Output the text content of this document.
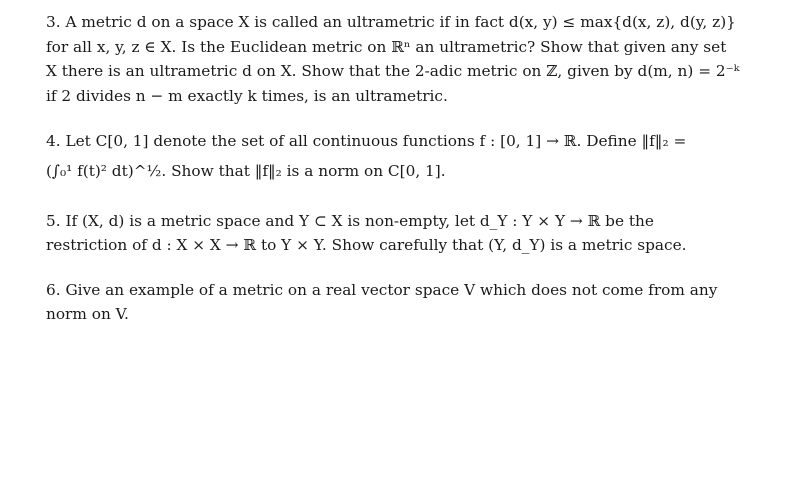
3. A metric d on a space X is called an ultrametric if in fact d(x, y) ≤ max{d(x, z), d(y, z)}
for all x, y, z ∈ X. Is the Euclidean metric on ℝⁿ an ultrametric? Show that given any set
X there is an ultrametric d on X. Show that the 2-adic metric on ℤ, given by d(m, n) = 2⁻ᵏ
if 2 divides n − m exactly k times, is an ultrametric.

4. Let C[0, 1] denote the set of all continuous functions f : [0, 1] → ℝ. Define ‖f‖₂ =
(∫₀¹ f(t)² dt)^½. Show that ‖f‖₂ is a norm on C[0, 1].

5. If (X, d) is a metric space and Y ⊂ X is non-empty, let d_Y : Y × Y → ℝ be the
restriction of d : X × X → ℝ to Y × Y. Show carefully that (Y, d_Y) is a metric space.

6. Give an example of a metric on a real vector space V which does not come from any
norm on V.
